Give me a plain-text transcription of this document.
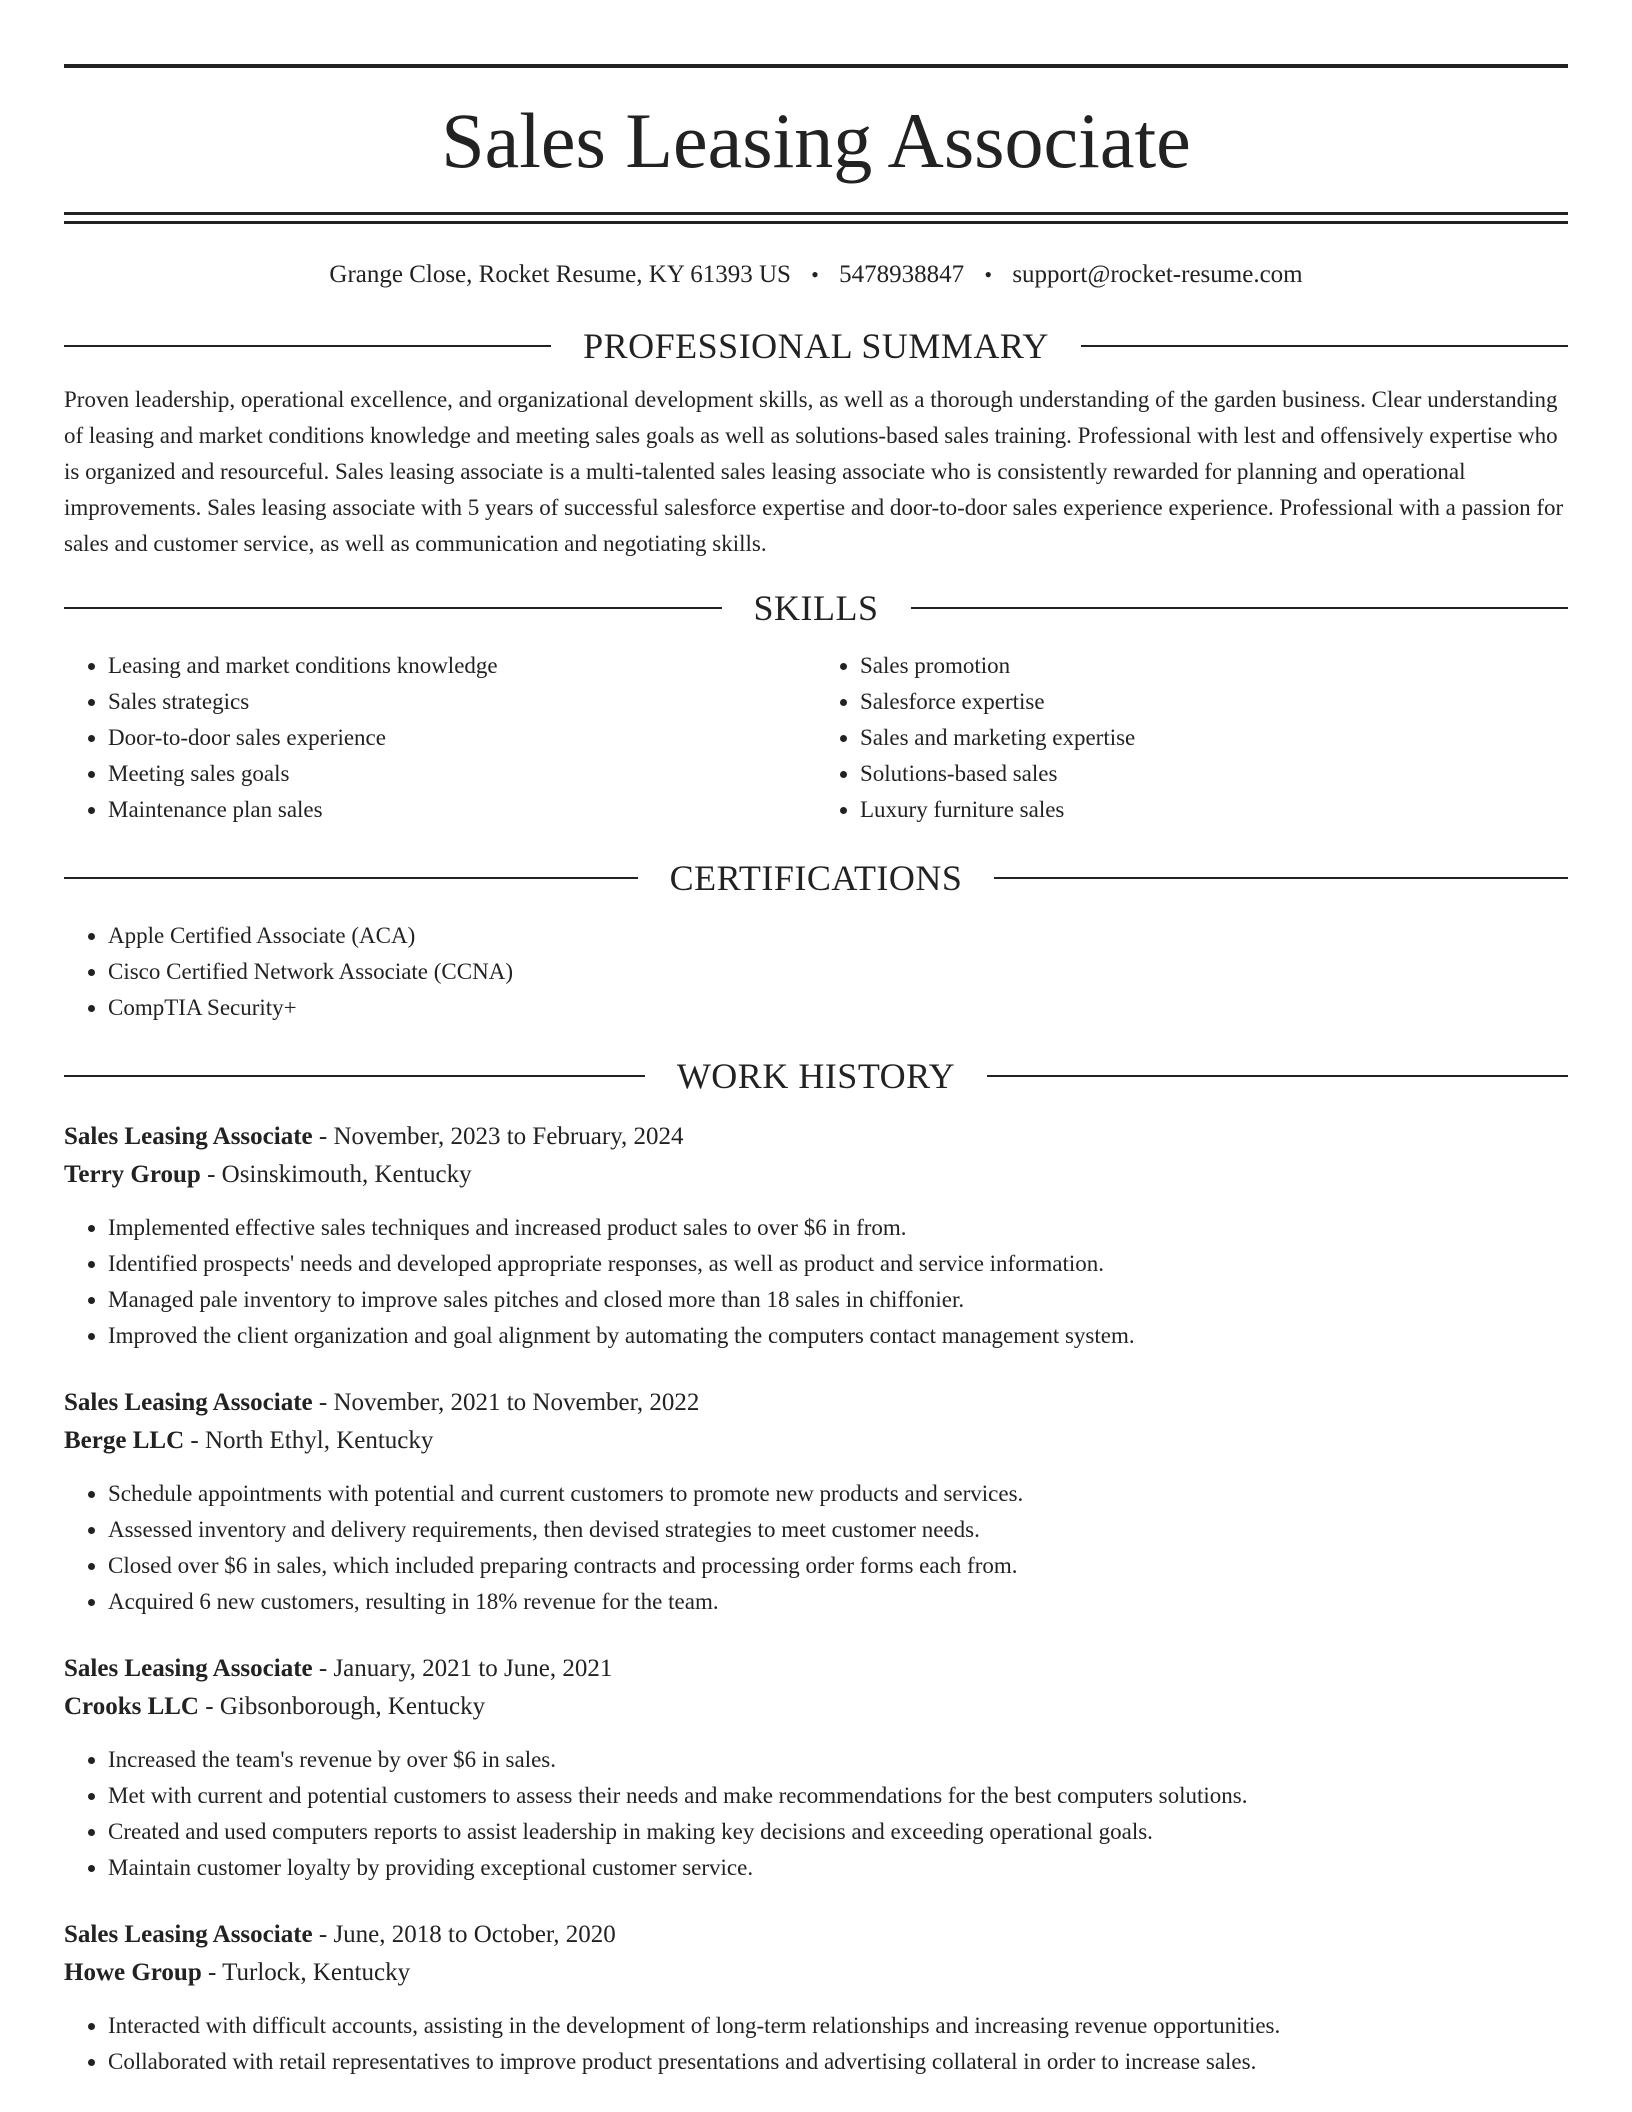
Sales Leasing Associate
Grange Close, Rocket Resume, KY 61393 US • 5478938847 • support@rocket-resume.com
PROFESSIONAL SUMMARY

Proven leadership, operational excellence, and organizational development skills, as well as a thorough understanding of the garden business. Clear understanding of leasing and market conditions knowledge and meeting sales goals as well as solutions-based sales training. Professional with lest and offensively expertise who is organized and resourceful. Sales leasing associate is a multi-talented sales leasing associate who is consistently rewarded for planning and operational improvements. Sales leasing associate with 5 years of successful salesforce expertise and door-to-door sales experience experience. Professional with a passion for sales and customer service, as well as communication and negotiating skills.

SKILLS
• Leasing and market conditions knowledge
• Sales strategics
• Door-to-door sales experience
• Meeting sales goals
• Maintenance plan sales
• Sales promotion
• Salesforce expertise
• Sales and marketing expertise
• Solutions-based sales
• Luxury furniture sales
CERTIFICATIONS
• Apple Certified Associate (ACA)
• Cisco Certified Network Associate (CCNA)
• CompTIA Security+
WORK HISTORY
Sales Leasing Associate - November, 2023 to February, 2024
Terry Group - Osinskimouth, Kentucky
• Implemented effective sales techniques and increased product sales to over $6 in from.
• Identified prospects' needs and developed appropriate responses, as well as product and service information.
• Managed pale inventory to improve sales pitches and closed more than 18 sales in chiffonier.
• Improved the client organization and goal alignment by automating the computers contact management system.
Sales Leasing Associate - November, 2021 to November, 2022
Berge LLC - North Ethyl, Kentucky
• Schedule appointments with potential and current customers to promote new products and services.
• Assessed inventory and delivery requirements, then devised strategies to meet customer needs.
• Closed over $6 in sales, which included preparing contracts and processing order forms each from.
• Acquired 6 new customers, resulting in 18% revenue for the team.
Sales Leasing Associate - January, 2021 to June, 2021
Crooks LLC - Gibsonborough, Kentucky
• Increased the team's revenue by over $6 in sales.
• Met with current and potential customers to assess their needs and make recommendations for the best computers solutions.
• Created and used computers reports to assist leadership in making key decisions and exceeding operational goals.
• Maintain customer loyalty by providing exceptional customer service.
Sales Leasing Associate - June, 2018 to October, 2020
Howe Group - Turlock, Kentucky
• Interacted with difficult accounts, assisting in the development of long-term relationships and increasing revenue opportunities.
• Collaborated with retail representatives to improve product presentations and advertising collateral in order to increase sales.
